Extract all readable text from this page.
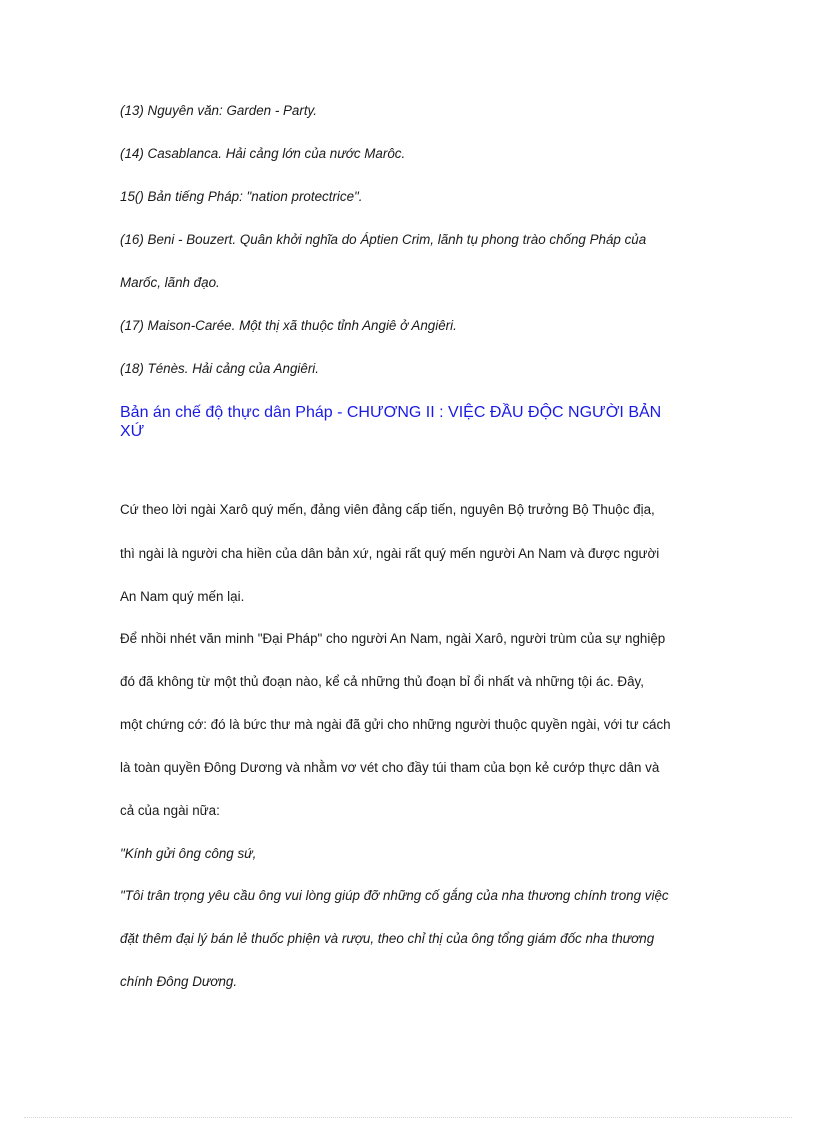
(13) Nguyên văn: Garden - Party.
(14) Casablanca. Hải cảng lớn của nước Marôc.
15() Bản tiếng Pháp: "nation protectrice".
(16) Beni - Bouzert. Quân khởi nghĩa do Áptien Crim, lãnh tụ phong trào chống Pháp của
Marốc, lãnh đạo.
(17) Maison-Carée. Một thị xã thuộc tỉnh Angiê ở Angiêri.
(18) Ténès. Hải cảng của Angiêri.
Bản án chế độ thực dân Pháp - CHƯƠNG II : VIỆC ĐẦU ĐỘC NGƯỜI BẢN
XỨ
Cứ theo lời ngài Xarô quý mến, đảng viên đảng cấp tiến, nguyên Bộ trưởng Bộ Thuộc địa,
thì ngài là người cha hiền của dân bản xứ, ngài rất quý mến người An Nam và được người
An Nam quý mến lại.
Để nhồi nhét văn minh "Đại Pháp" cho người An Nam, ngài Xarô, người trùm của sự nghiệp
đó đã không từ một thủ đoạn nào, kể cả những thủ đoạn bỉ ổi nhất và những tội ác. Đây,
một chứng cớ: đó là bức thư mà ngài đã gửi cho những người thuộc quyền ngài, với tư cách
là toàn quyền Đông Dương và nhằm vơ vét cho đầy túi tham của bọn kẻ cướp thực dân và
cả của ngài nữa:
"Kính gửi ông công sứ,
"Tôi trân trọng yêu cầu ông vui lòng giúp đỡ những cố gắng của nha thương chính trong việc
đặt thêm đại lý bán lẻ thuốc phiện và rượu, theo chỉ thị của ông tổng giám đốc nha thương
chính Đông Dương.
